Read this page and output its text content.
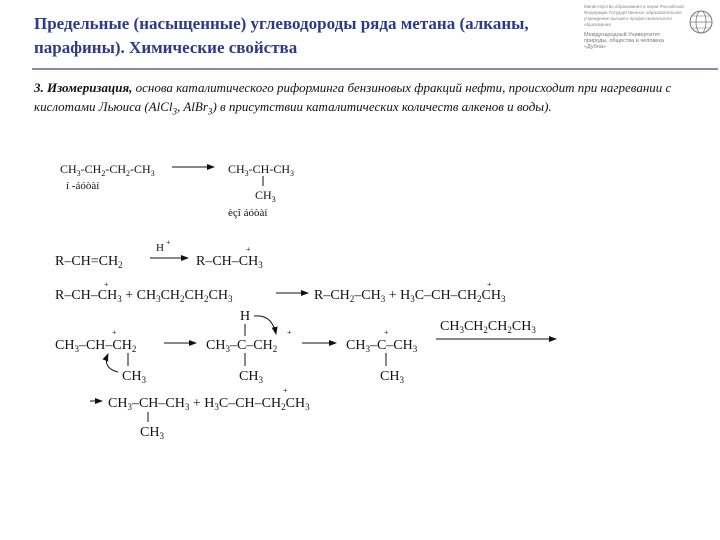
Предельные (насыщенные) углеводороды ряда метана (алканы, парафины). Химические свойства
Министерство образования и науки Российской Федерации Государственное образовательное учреждение высшего профессионального образования
Международный Университет природы, общества и человека «Дубна»

3. Изомеризация, основа каталитического риформинга бензиновых фракций нефти, происходит при нагревании с кислотами Льюиса (AlCl$_3$, AlBr$_3$) в присутствии каталитических количеств алкенов и воды).

$CH_3-CH_2-CH_2-CH_3$
í -áóòàí
$CH_3-CH-CH_3$
$CH_3$
èçî áóòàí
$R-CH=CH_2$
H +
$R-CH-CH_3$
+
$R-CH-CH_3 + CH_3CH_2CH_2CH_3$
+
$R-CH_2-CH_3 + H_3C-CH-CH_2CH_3$
+
$CH_3-CH-CH_2$
+
$CH_3$
$CH_3-C-CH_2$
H
$CH_3$
+
$CH_3-C-CH_3$
+
$CH_3$
$CH_3CH_2CH_2CH_3$
$CH_3-CH-CH_3 + H_3C-CH-CH_2CH_3$
+
$CH_3$
